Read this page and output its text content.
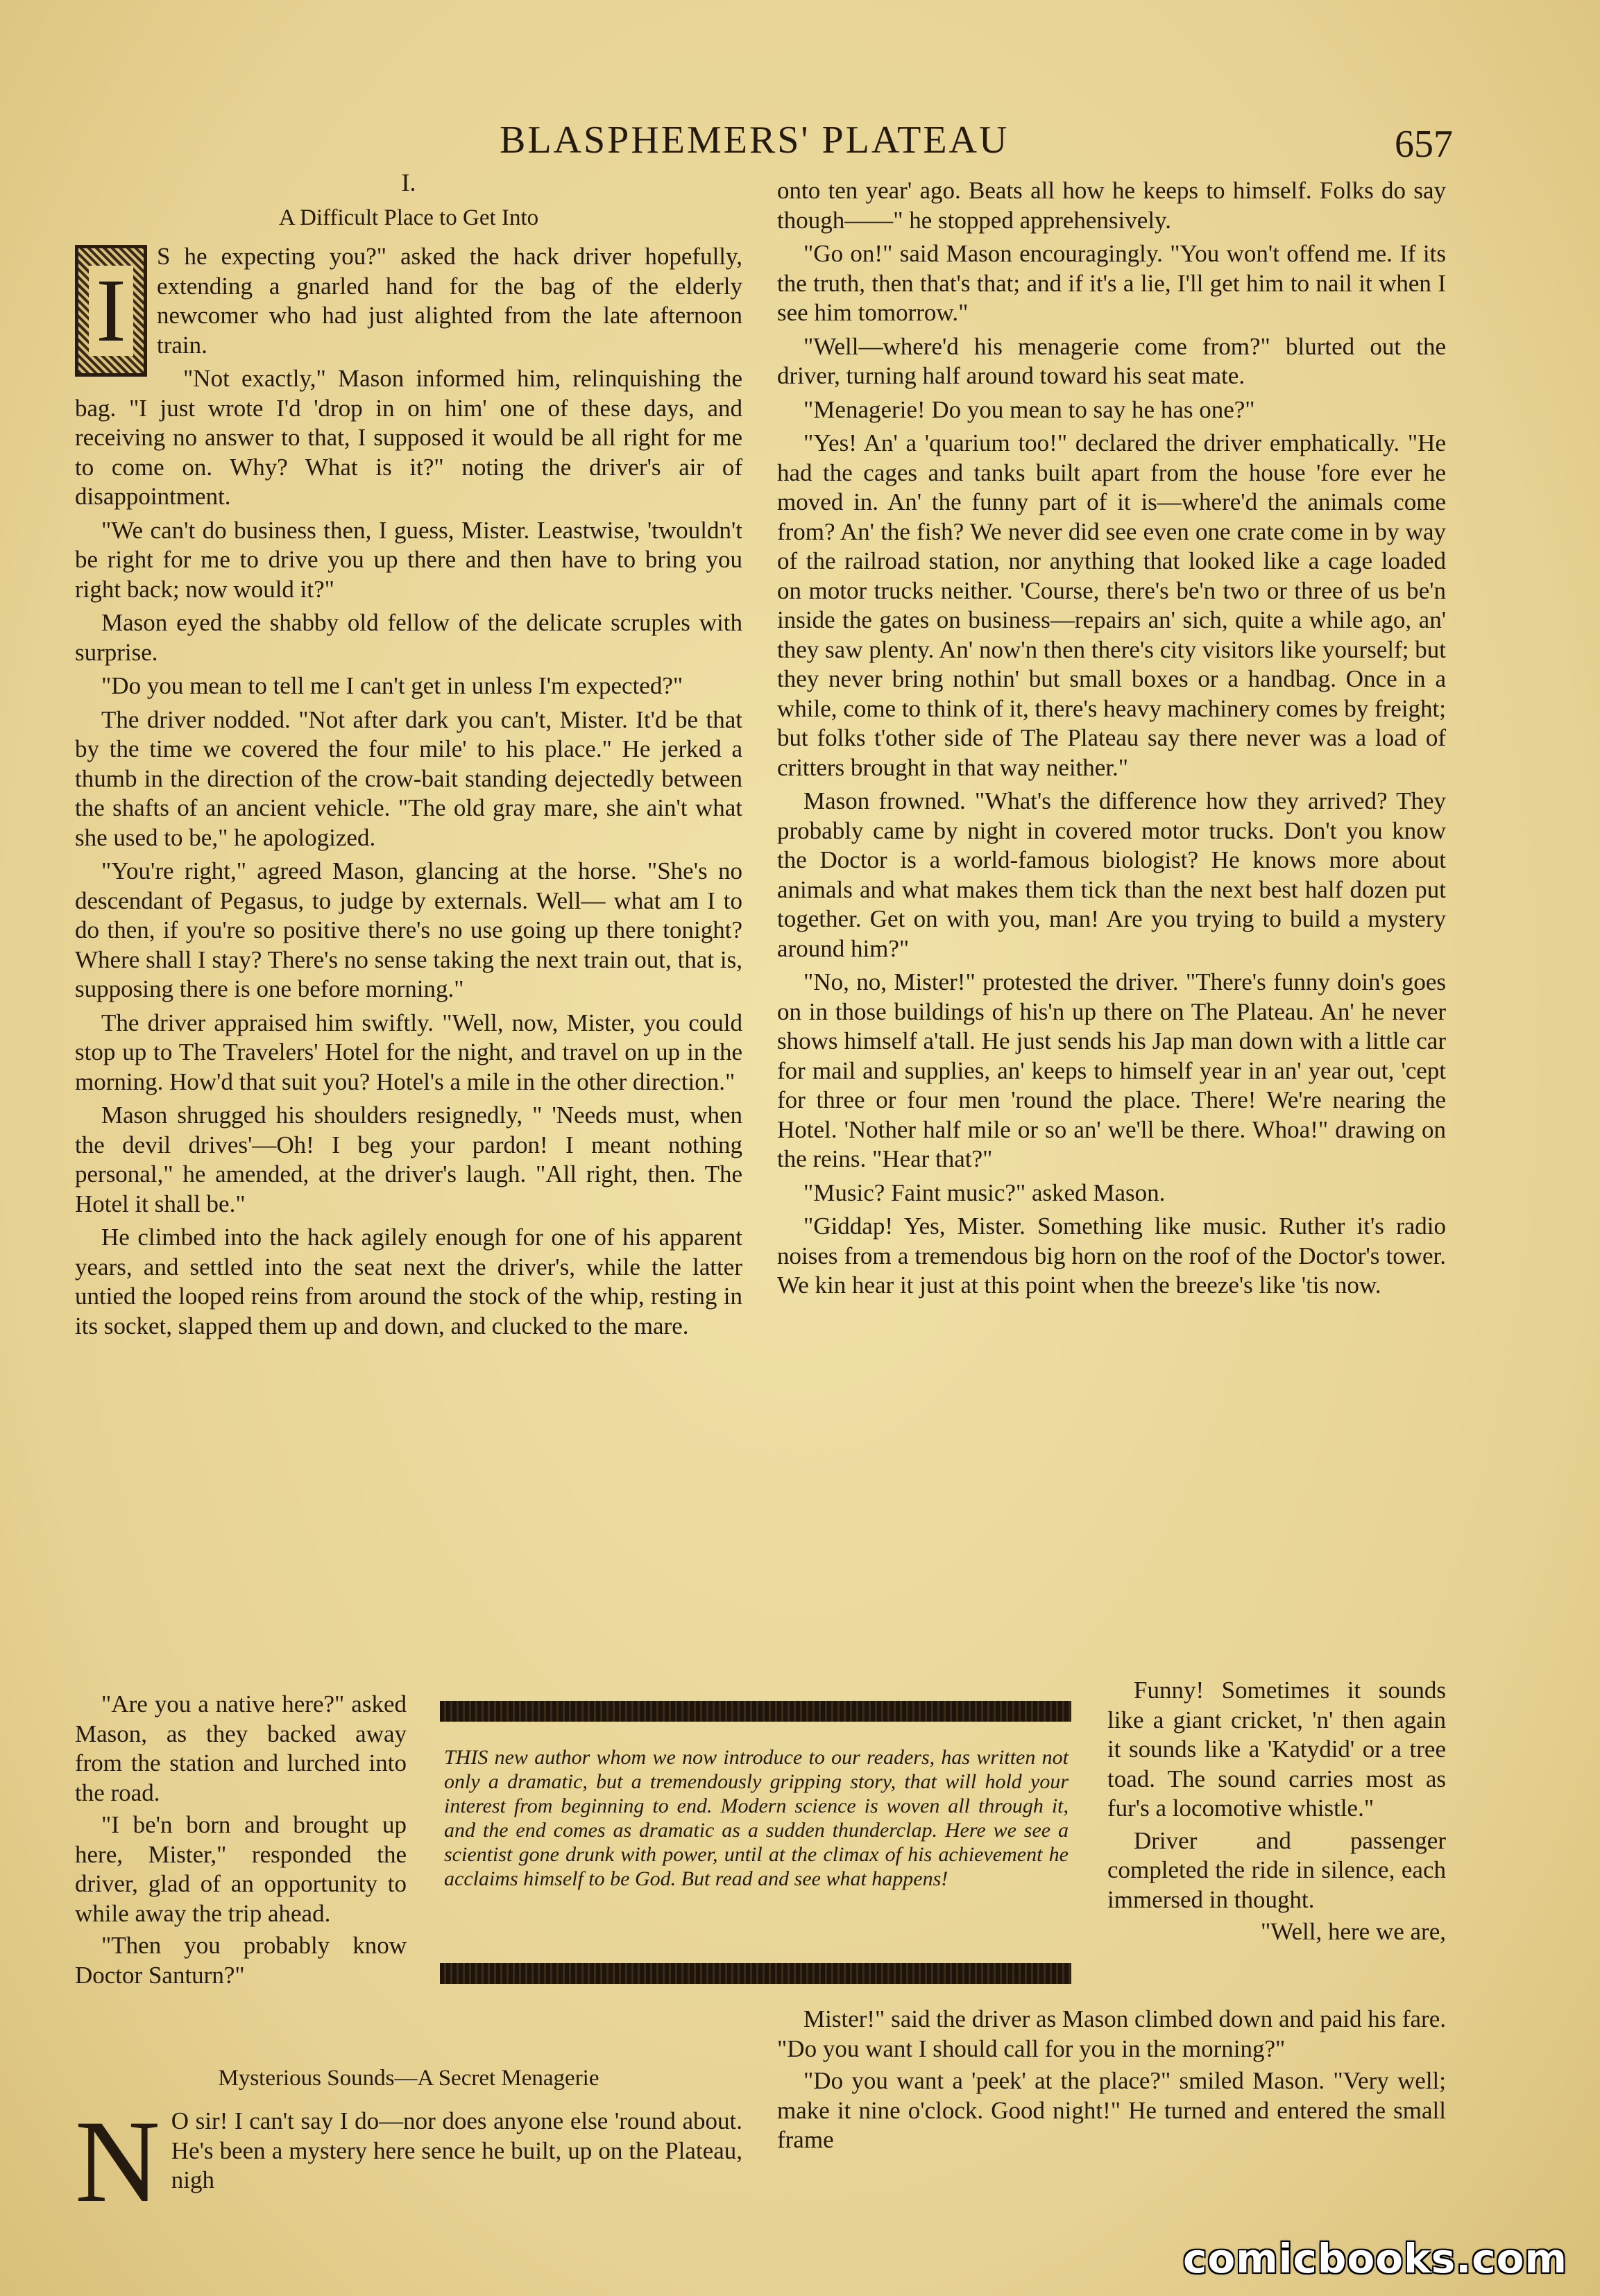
BLASPHEMERS' PLATEAU	657
I.
A Difficult Place to Get Into
I

S he expecting you?" asked the hack driver hopefully, extending a gnarled hand for the bag of the elderly newcomer who had just alighted from the late afternoon train.

"Not exactly," Mason informed him, relinquishing the bag. "I just wrote I'd 'drop in on him' one of these days, and receiving no answer to that, I supposed it would be all right for me to come on. Why? What is it?" noting the driver's air of disappointment.

"We can't do business then, I guess, Mister. Leastwise, 'twouldn't be right for me to drive you up there and then have to bring you right back; now would it?"

Mason eyed the shabby old fellow of the delicate scruples with surprise.

"Do you mean to tell me I can't get in unless I'm expected?"

The driver nodded. "Not after dark you can't, Mister. It'd be that by the time we covered the four mile' to his place." He jerked a thumb in the direction of the crow-bait standing dejectedly between the shafts of an ancient vehicle. "The old gray mare, she ain't what she used to be," he apologized.

"You're right," agreed Mason, glancing at the horse. "She's no descendant of Pegasus, to judge by externals. Well— what am I to do then, if you're so positive there's no use going up there tonight? Where shall I stay? There's no sense taking the next train out, that is, supposing there is one before morning."

The driver appraised him swiftly. "Well, now, Mister, you could stop up to The Travelers' Hotel for the night, and travel on up in the morning. How'd that suit you? Hotel's a mile in the other direction."

Mason shrugged his shoulders resignedly, " 'Needs must, when the devil drives'—Oh! I beg your pardon! I meant nothing personal," he amended, at the driver's laugh. "All right, then. The Hotel it shall be."

He climbed into the hack agilely enough for one of his apparent years, and settled into the seat next the driver's, while the latter untied the looped reins from around the stock of the whip, resting in its socket, slapped them up and down, and clucked to the mare.

"Are you a native here?" asked Mason, as they backed away from the station and lurched into the road.

"I be'n born and brought up here, Mister," responded the driver, glad of an opportunity to while away the trip ahead.

"Then you probably know Doctor Santurn?"

THIS new author whom we now introduce to our readers, has written not only a dramatic, but a tremendously gripping story, that will hold your interest from beginning to end. Modern science is woven all through it, and the end comes as dramatic as a sudden thunderclap. Here we see a scientist gone drunk with power, until at the climax of his achievement he acclaims himself to be God. But read and see what happens!
Mysterious Sounds—A Secret Menagerie
N O sir! I can't say I do—nor does anyone else 'round about. He's been a mystery here sence he built, up on the Plateau, nigh

onto ten year' ago. Beats all how he keeps to himself. Folks do say though——" he stopped apprehensively.

"Go on!" said Mason encouragingly. "You won't offend me. If its the truth, then that's that; and if it's a lie, I'll get him to nail it when I see him tomorrow."

"Well—where'd his menagerie come from?" blurted out the driver, turning half around toward his seat mate.

"Menagerie! Do you mean to say he has one?"

"Yes! An' a 'quarium too!" declared the driver emphatically. "He had the cages and tanks built apart from the house 'fore ever he moved in. An' the funny part of it is—where'd the animals come from? An' the fish? We never did see even one crate come in by way of the railroad station, nor anything that looked like a cage loaded on motor trucks neither. 'Course, there's be'n two or three of us be'n inside the gates on business—repairs an' sich, quite a while ago, an' they saw plenty. An' now'n then there's city visitors like yourself; but they never bring nothin' but small boxes or a handbag. Once in a while, come to think of it, there's heavy machinery comes by freight; but folks t'other side of The Plateau say there never was a load of critters brought in that way neither."

Mason frowned. "What's the difference how they arrived? They probably came by night in covered motor trucks. Don't you know the Doctor is a world-famous biologist? He knows more about animals and what makes them tick than the next best half dozen put together. Get on with you, man! Are you trying to build a mystery around him?"

"No, no, Mister!" protested the driver. "There's funny doin's goes on in those buildings of his'n up there on The Plateau. An' he never shows himself a'tall. He just sends his Jap man down with a little car for mail and supplies, an' keeps to himself year in an' year out, 'cept for three or four men 'round the place. There! We're nearing the Hotel. 'Nother half mile or so an' we'll be there. Whoa!" drawing on the reins. "Hear that?"

"Music? Faint music?" asked Mason.

"Giddap! Yes, Mister. Something like music. Ruther it's radio noises from a tremendous big horn on the roof of the Doctor's tower. We kin hear it just at this point when the breeze's like 'tis now.

Funny! Sometimes it sounds like a giant cricket, 'n' then again it sounds like a 'Katydid' or a tree toad. The sound carries most as fur's a locomotive whistle."

Driver and passenger completed the ride in silence, each immersed in thought.

"Well, here we are,

Mister!" said the driver as Mason climbed down and paid his fare. "Do you want I should call for you in the morning?"

"Do you want a 'peek' at the place?" smiled Mason. "Very well; make it nine o'clock. Good night!" He turned and entered the small frame

comicbooks.com
